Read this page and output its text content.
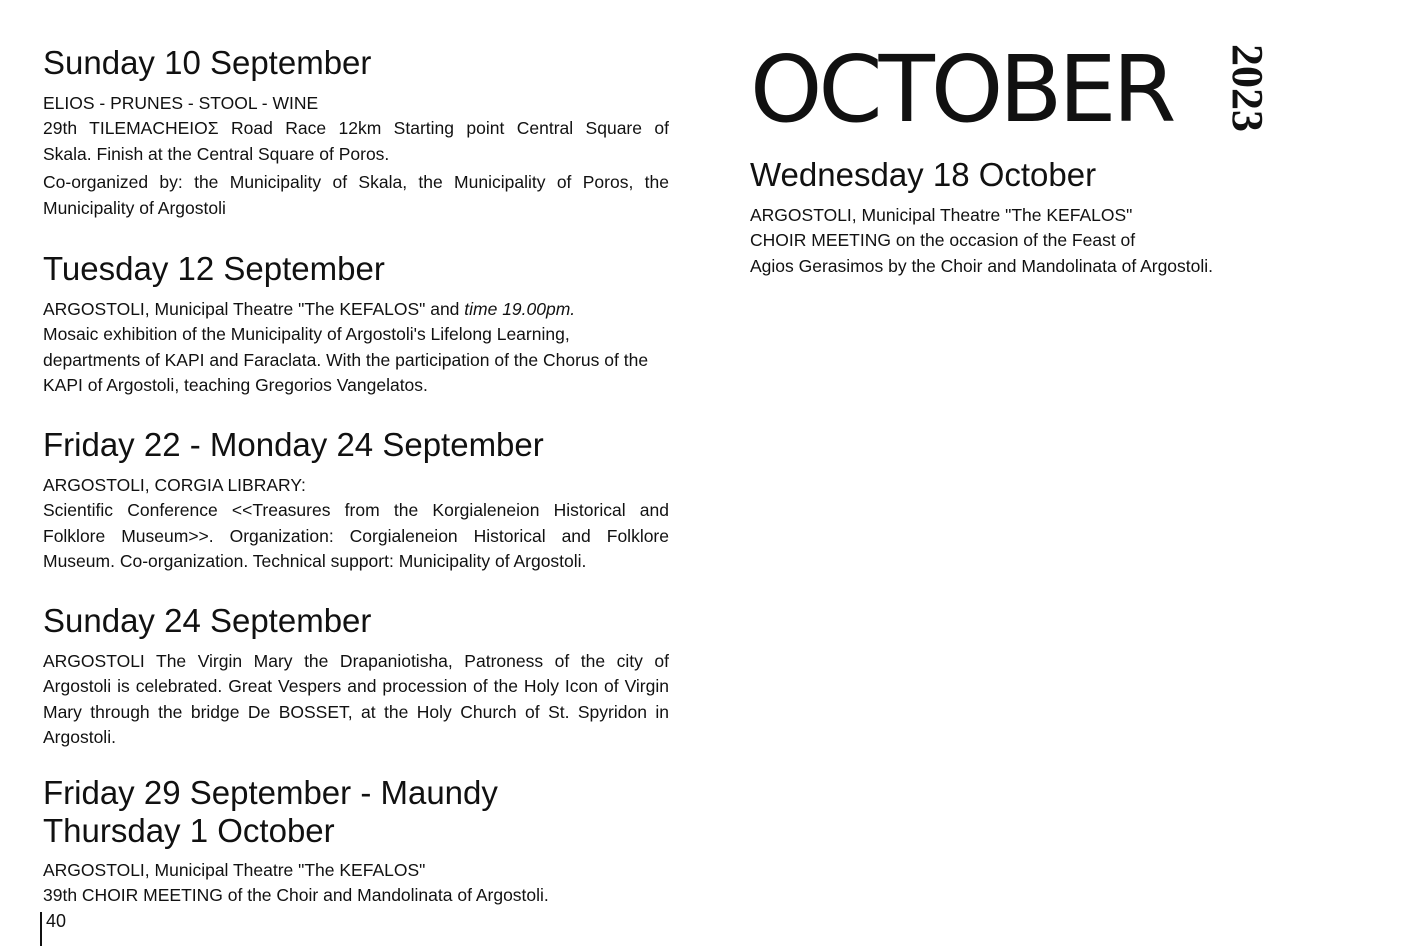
Sunday 10 September
ELIOS - PRUNES - STOOL - WINE
29th TILEMACHEIOΣ Road Race 12km Starting point Central Square of
Skala. Finish at the Central Square of Poros.
Co-organized by: the Municipality of Skala, the Municipality of Poros, the
Municipality of Argostoli
Tuesday 12 September
ARGOSTOLI, Municipal Theatre "The KEFALOS" and time 19.00pm.
Mosaic exhibition of the Municipality of Argostoli's Lifelong Learning,
departments of KAPI and Faraclata. With the participation of the Chorus of the
KAPI of Argostoli, teaching Gregorios Vangelatos.
Friday 22 - Monday 24 September
ARGOSTOLI, CORGIA LIBRARY:
Scientific Conference <<Treasures from the Korgialeneion Historical and
Folklore Museum>>. Organization: Corgialeneion Historical and Folklore
Museum. Co-organization. Technical support: Municipality of Argostoli.
Sunday 24 September
ARGOSTOLI The Virgin Mary the Drapaniotisha, Patroness of the city of
Argostoli is celebrated. Great Vespers and procession of the Holy Icon of Virgin
Mary through the bridge De BOSSET, at the Holy Church of St. Spyridon in
Argostoli.
Friday 29 September - Maundy
Thursday 1 October
ARGOSTOLI, Municipal Theatre "The KEFALOS"
39th CHOIR MEETING of the Choir and Mandolinata of Argostoli.
40
OCTOBER 2023
Wednesday 18 October
ARGOSTOLI, Municipal Theatre "The KEFALOS"
CHOIR MEETING on the occasion of the Feast of
Agios Gerasimos by the Choir and Mandolinata of Argostoli.
